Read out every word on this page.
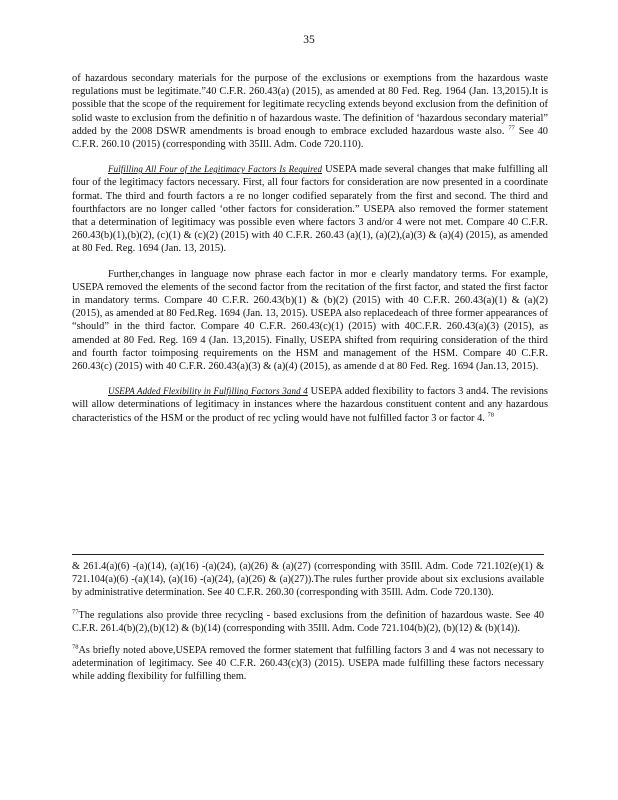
35

of hazardous secondary materials for the purpose of the exclusions or exemptions from the hazardous waste regulations must be legitimate.”40 C.F.R. 260.43(a) (2015), as amended at 80 Fed. Reg. 1964 (Jan. 13,2015).It is possible that the scope of the requirement for legitimate recycling extends beyond exclusion from the definition of solid waste to exclusion from the definitio n of hazardous waste. The definition of ‘hazardous secondary material” added by the 2008 DSWR amendments is broad enough to embrace excluded hazardous waste also. $^{77}$ See 40 C.F.R. 260.10 (2015) (corresponding with 35Ill. Adm. Code 720.110).

Fulfilling All Four of the Legitimacy Factors Is Required USEPA made several changes that make fulfilling all four of the legitimacy factors necessary. First, all four factors for consideration are now presented in a coordinate format. The third and fourth factors a re no longer codified separately from the first and second. The third and fourthfactors are no longer called ‘other factors for consideration.” USEPA also removed the former statement that a determination of legitimacy was possible even where factors 3 and/or 4 were not met. Compare 40 C.F.R. 260.43(b)(1),(b)(2), (c)(1) & (c)(2) (2015) with 40 C.F.R. 260.43 (a)(1), (a)(2),(a)(3) & (a)(4) (2015), as amended at 80 Fed. Reg. 1694 (Jan. 13, 2015).

Further,changes in language now phrase each factor in mor e clearly mandatory terms. For example, USEPA removed the elements of the second factor from the recitation of the first factor, and stated the first factor in mandatory terms. Compare 40 C.F.R. 260.43(b)(1) & (b)(2) (2015) with 40 C.F.R. 260.43(a)(1) & (a)(2) (2015), as amended at 80 Fed.Reg. 1694 (Jan. 13, 2015). USEPA also replacedeach of three former appearances of “should” in the third factor. Compare 40 C.F.R. 260.43(c)(1) (2015) with 40C.F.R. 260.43(a)(3) (2015), as amended at 80 Fed. Reg. 169 4 (Jan. 13,2015). Finally, USEPA shifted from requiring consideration of the third and fourth factor toimposing requirements on the HSM and management of the HSM. Compare 40 C.F.R. 260.43(c) (2015) with 40 C.F.R. 260.43(a)(3) & (a)(4) (2015), as amende d at 80 Fed. Reg. 1694 (Jan.13, 2015).

USEPA Added Flexibility in Fulfilling Factors 3and 4 USEPA added flexibility to factors 3 and4. The revisions will allow determinations of legitimacy in instances where the hazardous constituent content and any hazardous characteristics of the HSM or the product of rec ycling would have not fulfilled factor 3 or factor 4. $^{78}$

& 261.4(a)(6) -(a)(14), (a)(16) -(a)(24), (a)(26) & (a)(27) (corresponding with 35Ill. Adm. Code 721.102(e)(1) & 721.104(a)(6) -(a)(14), (a)(16) -(a)(24), (a)(26) & (a)(27)).The rules further provide about six exclusions available by administrative determination. See 40 C.F.R. 260.30 (corresponding with 35Ill. Adm. Code 720.130).

$^{77}$The regulations also provide three recycling - based exclusions from the definition of hazardous waste. See 40 C.F.R. 261.4(b)(2),(b)(12) & (b)(14) (corresponding with 35Ill. Adm. Code 721.104(b)(2), (b)(12) & (b)(14)).

$^{78}$As briefly noted above,USEPA removed the former statement that fulfilling factors 3 and 4 was not necessary to adetermination of legitimacy. See 40 C.F.R. 260.43(c)(3) (2015). USEPA made fulfilling these factors necessary while adding flexibility for fulfilling them.
